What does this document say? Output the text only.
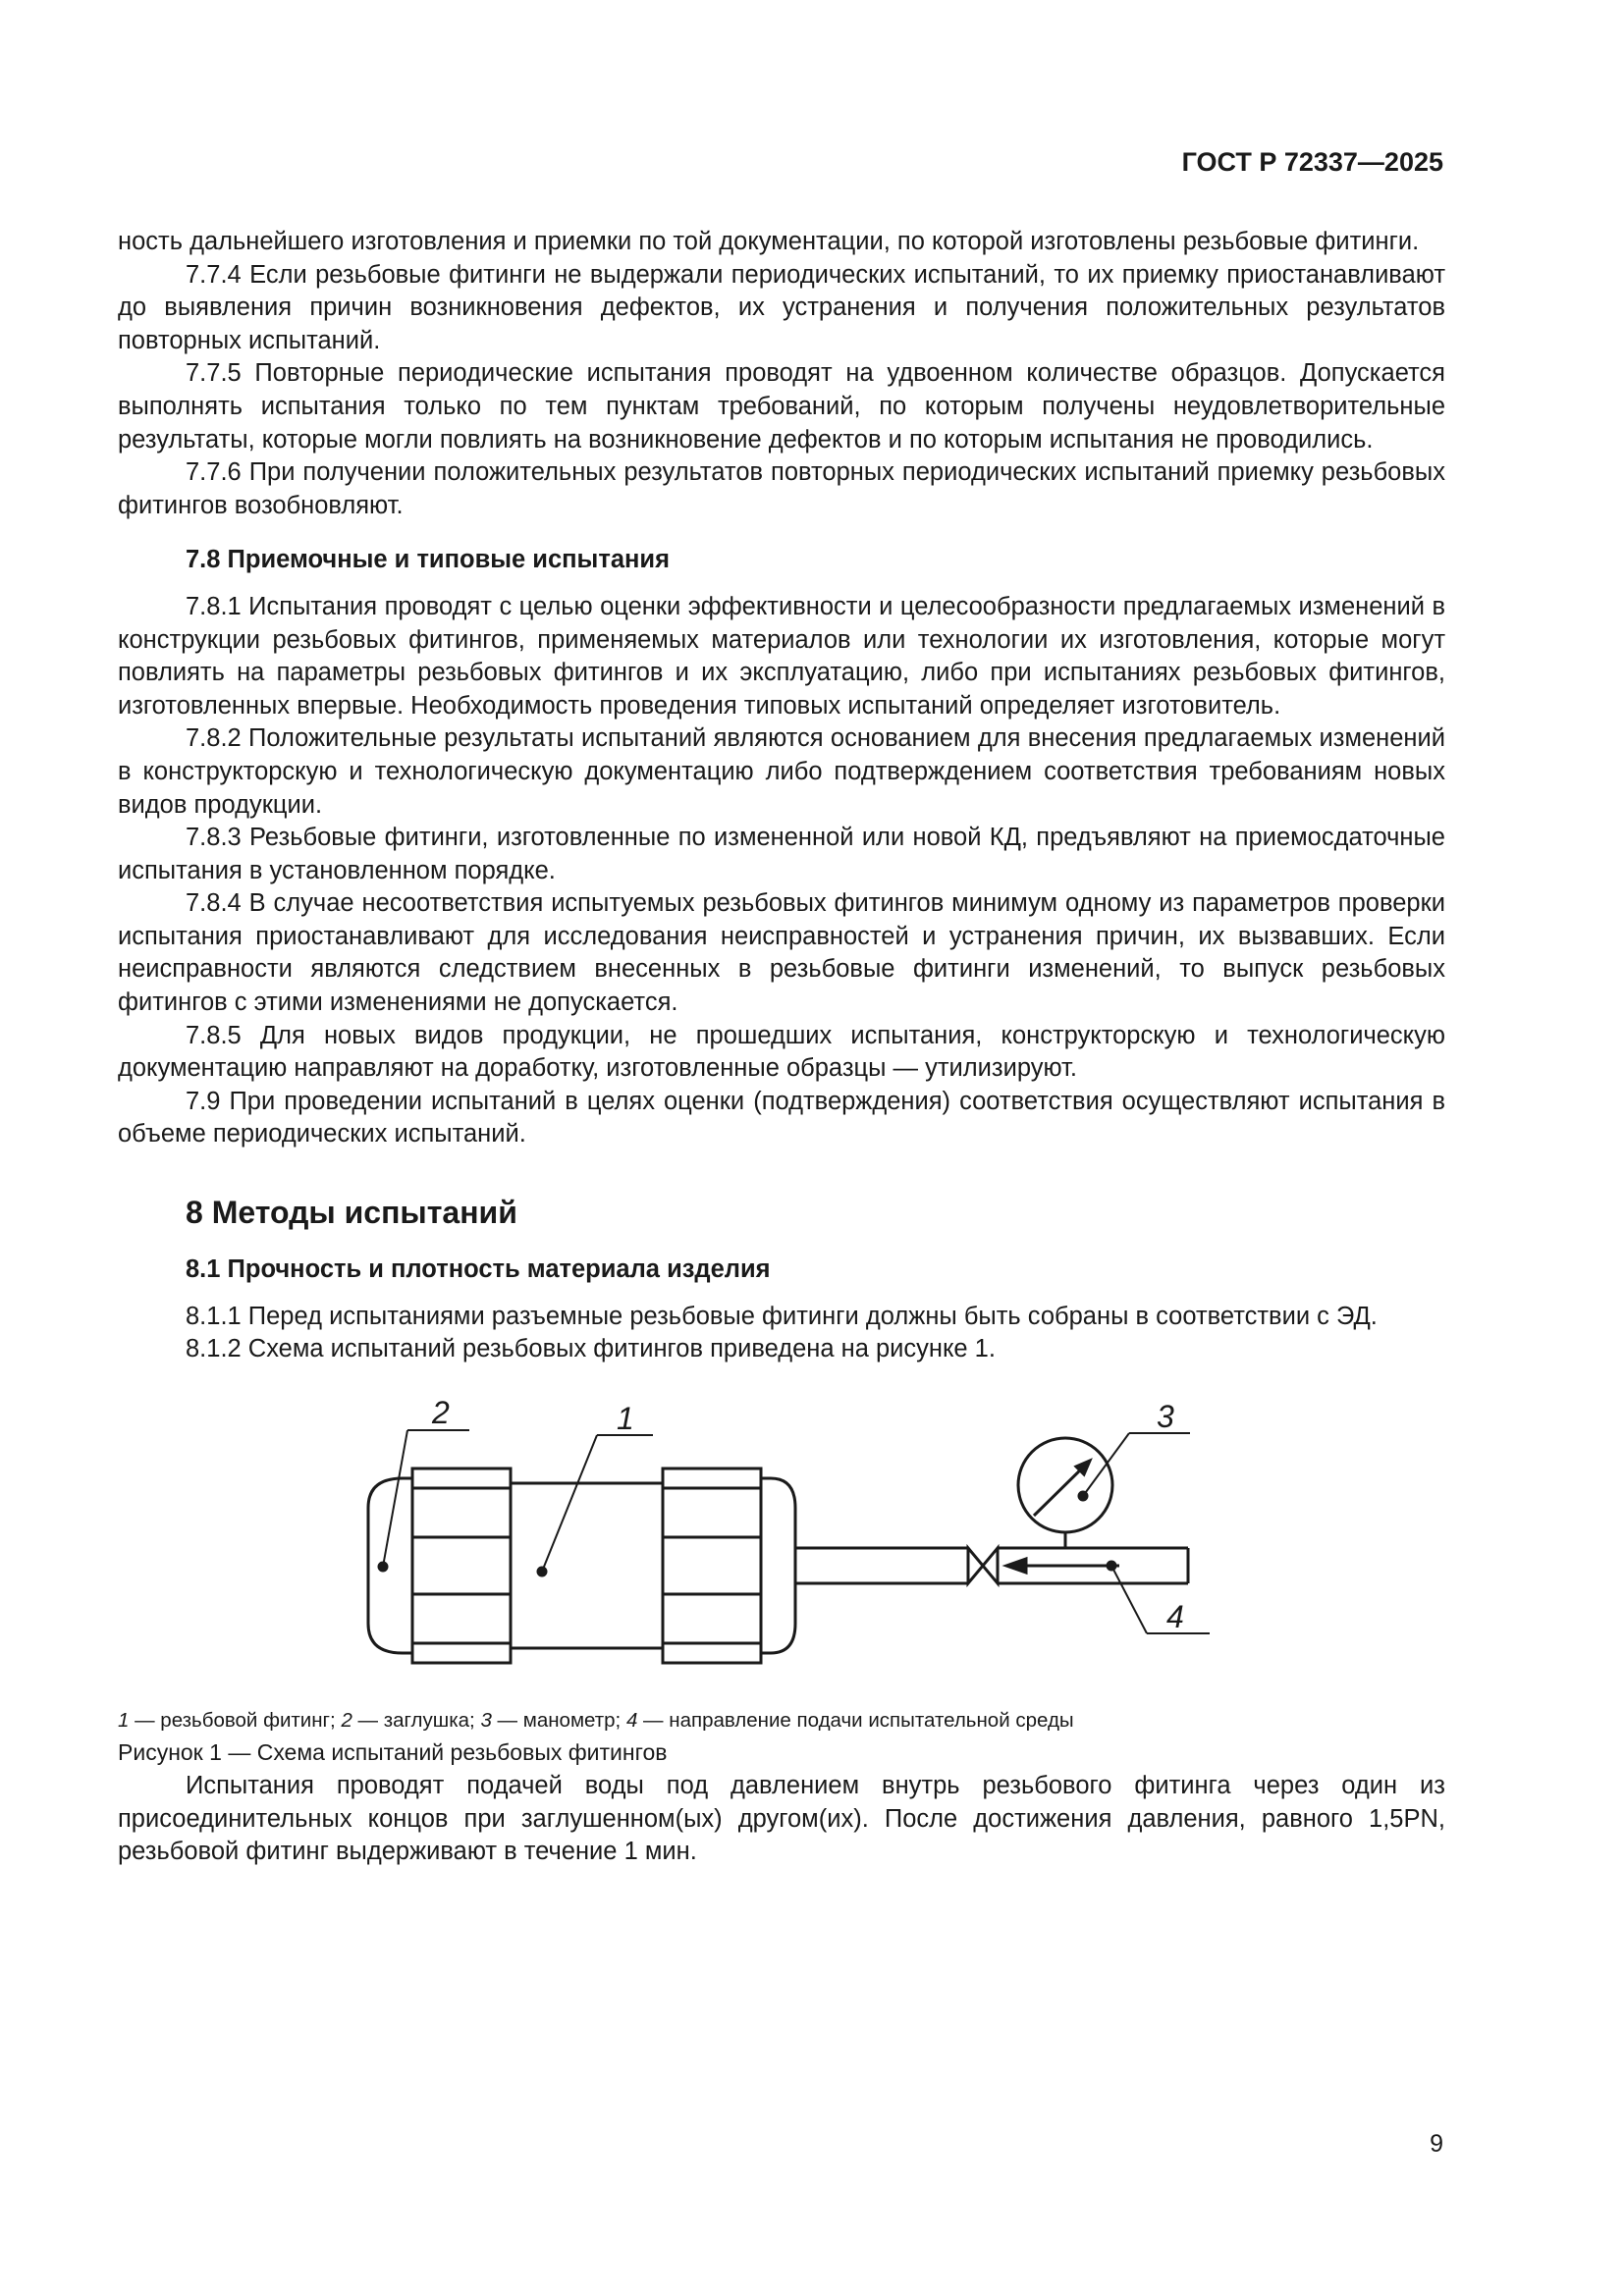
ГОСТ Р 72337—2025

ность дальнейшего изготовления и приемки по той документации, по которой изготовлены резьбовые фитинги.

7.7.4 Если резьбовые фитинги не выдержали периодических испытаний, то их приемку приостанавливают до выявления причин возникновения дефектов, их устранения и получения положительных результатов повторных испытаний.

7.7.5 Повторные периодические испытания проводят на удвоенном количестве образцов. Допускается выполнять испытания только по тем пунктам требований, по которым получены неудовлетворительные результаты, которые могли повлиять на возникновение дефектов и по которым испытания не проводились.

7.7.6 При получении положительных результатов повторных периодических испытаний приемку резьбовых фитингов возобновляют.

7.8 Приемочные и типовые испытания

7.8.1 Испытания проводят с целью оценки эффективности и целесообразности предлагаемых изменений в конструкции резьбовых фитингов, применяемых материалов или технологии их изготовления, которые могут повлиять на параметры резьбовых фитингов и их эксплуатацию, либо при испытаниях резьбовых фитингов, изготовленных впервые. Необходимость проведения типовых испытаний определяет изготовитель.

7.8.2 Положительные результаты испытаний являются основанием для внесения предлагаемых изменений в конструкторскую и технологическую документацию либо подтверждением соответствия требованиям новых видов продукции.

7.8.3 Резьбовые фитинги, изготовленные по измененной или новой КД, предъявляют на приемосдаточные испытания в установленном порядке.

7.8.4 В случае несоответствия испытуемых резьбовых фитингов минимум одному из параметров проверки испытания приостанавливают для исследования неисправностей и устранения причин, их вызвавших. Если неисправности являются следствием внесенных в резьбовые фитинги изменений, то выпуск резьбовых фитингов с этими изменениями не допускается.

7.8.5 Для новых видов продукции, не прошедших испытания, конструкторскую и технологическую документацию направляют на доработку, изготовленные образцы — утилизируют.

7.9 При проведении испытаний в целях оценки (подтверждения) соответствия осуществляют испытания в объеме периодических испытаний.

8 Методы испытаний

8.1 Прочность и плотность материала изделия

8.1.1 Перед испытаниями разъемные резьбовые фитинги должны быть собраны в соответствии с ЭД.

8.1.2 Схема испытаний резьбовых фитингов приведена на рисунке 1.

2	1	3
4

1 — резьбовой фитинг; 2 — заглушка; 3 — манометр; 4 — направление подачи испытательной среды

Рисунок 1 — Схема испытаний резьбовых фитингов

Испытания проводят подачей воды под давлением внутрь резьбового фитинга через один из присоединительных концов при заглушенном(ых) другом(их). После достижения давления, равного 1,5PN, резьбовой фитинг выдерживают в течение 1 мин.

9
